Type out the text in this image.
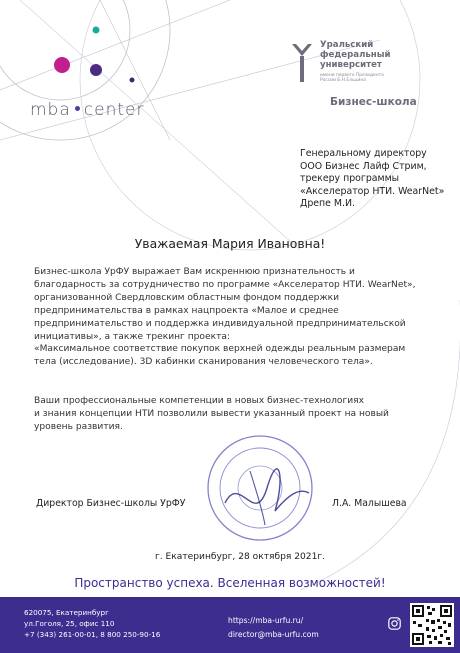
mba center
Уральский
федеральный
университет
имени первого Президента
России Б.Н.Ельцина
Бизнес-школа
Генеральному директору
ООО Бизнес Лайф Стрим,
трекеру программы
«Акселератор НТИ. WearNet»
Дрепе М.И.
Уважаемая Мария Ивановна!
Бизнес-школа УрФУ выражает Вам искреннюю признательность и
благодарность за сотрудничество по программе «Акселератор НТИ. WearNet»,
организованной Свердловским областным фондом поддержки
предпринимательства в рамках нацпроекта «Малое и среднее
предпринимательство и поддержка индивидуальной предпринимательской
инициативы», а также трекинг проекта:
«Максимальное соответствие покупок верхней одежды реальным размерам
тела (исследование). 3D кабинки сканирования человеческого тела».
Ваши профессиональные компетенции в новых бизнес-технологиях
и знания концепции НТИ позволили вывести указанный проект на новый
уровень развития.
Директор Бизнес-школы УрФУ	Л.А. Малышева
г. Екатеринбург, 28 октября 2021г.
Пространство успеха. Вселенная возможностей!
620075, Екатеринбург
ул.Гоголя, 25, офис 110
+7 (343) 261-00-01, 8 800 250-90-16
https://mba-urfu.ru/
director@mba-urfu.com
